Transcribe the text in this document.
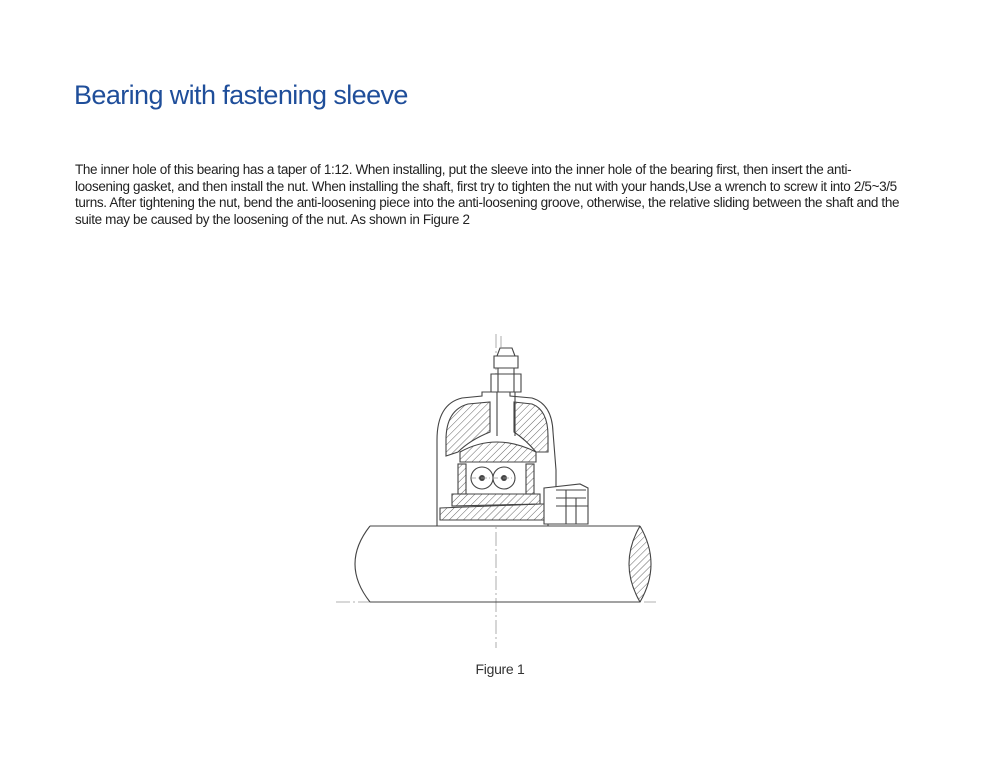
Bearing with fastening sleeve

The inner hole of this bearing has a taper of 1:12. When installing, put the sleeve into the inner hole of the bearing first, then insert the anti-loosening gasket, and then install the nut. When installing the shaft, first try to tighten the nut with your hands,Use a wrench to screw it into 2/5~3/5 turns. After tightening the nut, bend the anti-loosening piece into the anti-loosening groove, otherwise, the relative sliding between the shaft and the suite may be caused by the loosening of the nut. As shown in Figure 2

Figure 1
